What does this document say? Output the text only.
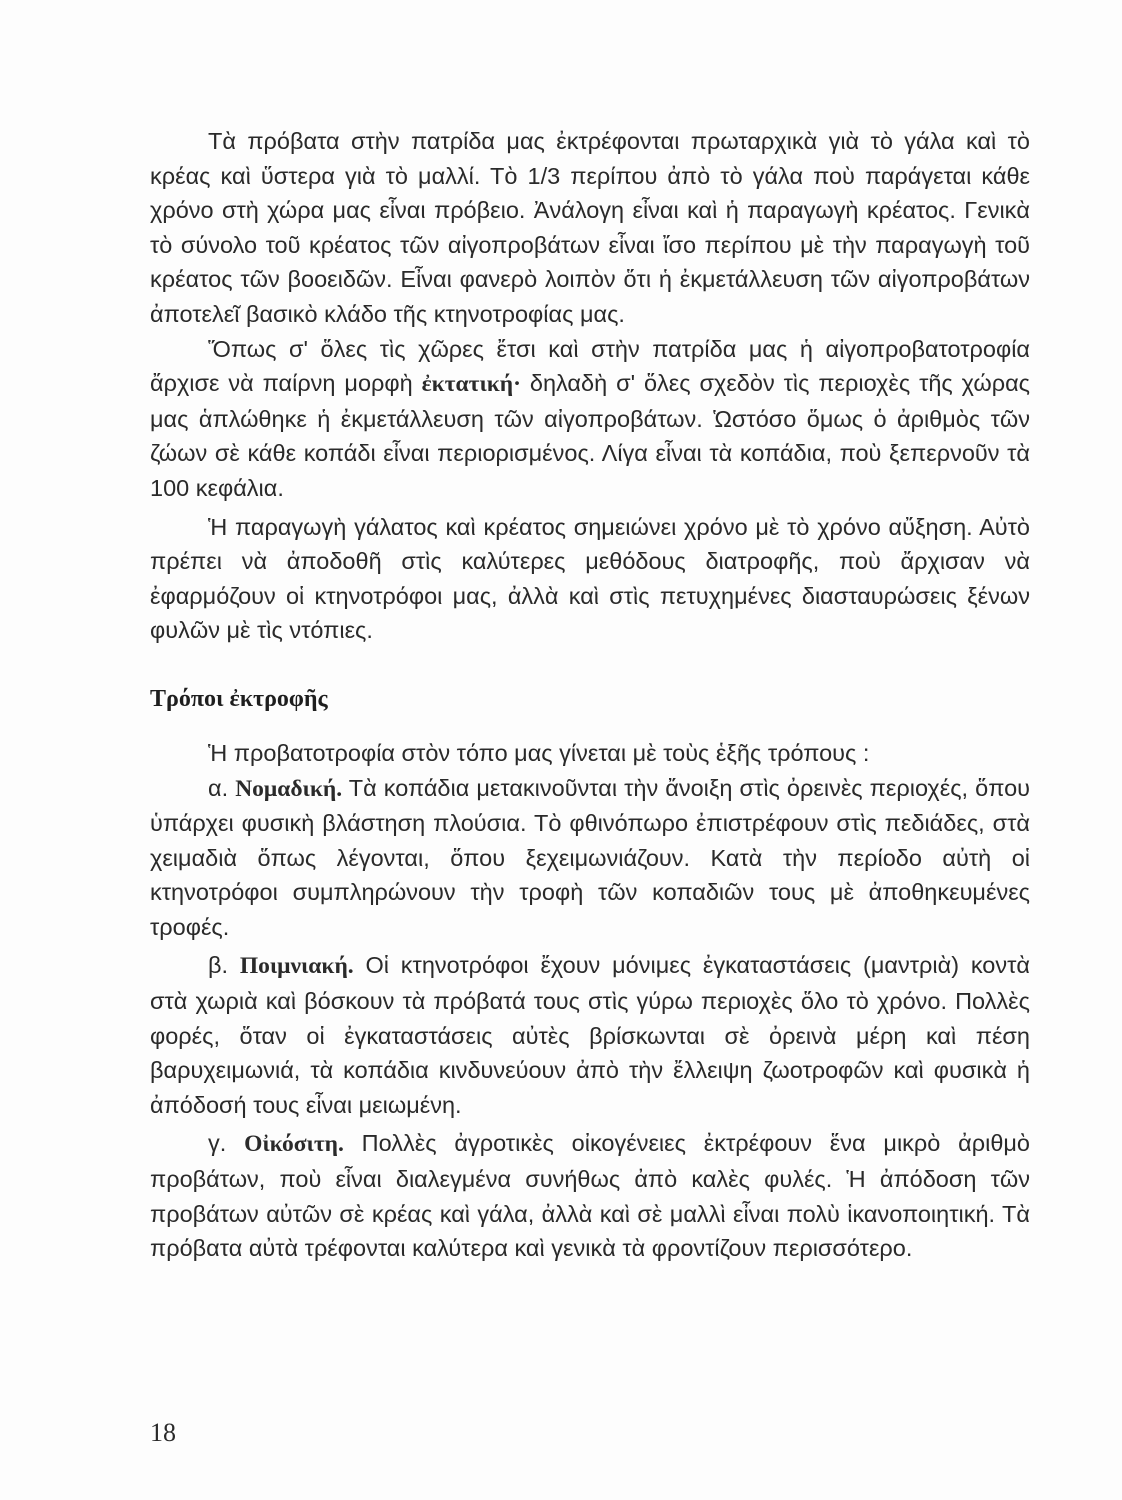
Τὰ πρόβατα στὴν πατρίδα μας ἐκτρέφονται πρωταρχικὰ γιὰ τὸ γάλα καὶ τὸ κρέας καὶ ὕστερα γιὰ τὸ μαλλί. Τὸ 1/3 περίπου ἀπὸ τὸ γάλα ποὺ παράγεται κάθε χρόνο στὴ χώρα μας εἶναι πρόβειο. Ἀνάλογη εἶναι καὶ ἡ παραγωγὴ κρέατος. Γενικὰ τὸ σύνολο τοῦ κρέατος τῶν αἰγοπροβάτων εἶναι ἴσο περίπου μὲ τὴν παραγωγὴ τοῦ κρέατος τῶν βοοειδῶν. Εἶναι φανερὸ λοιπὸν ὅτι ἡ ἐκμετάλλευση τῶν αἰγοπροβάτων ἀποτελεῖ βασικὸ κλάδο τῆς κτηνοτροφίας μας.

Ὅπως σ' ὅλες τὶς χῶρες ἔτσι καὶ στὴν πατρίδα μας ἡ αἰγοπροβατοτροφία ἄρχισε νὰ παίρνη μορφὴ ἐκτατική· δηλαδὴ σ' ὅλες σχεδὸν τὶς περιοχὲς τῆς χώρας μας ἁπλώθηκε ἡ ἐκμετάλλευση τῶν αἰγοπροβάτων. Ὡστόσο ὅμως ὁ ἀριθμὸς τῶν ζώων σὲ κάθε κοπάδι εἶναι περιορισμένος. Λίγα εἶναι τὰ κοπάδια, ποὺ ξεπερνοῦν τὰ 100 κεφάλια.

Ἡ παραγωγὴ γάλατος καὶ κρέατος σημειώνει χρόνο μὲ τὸ χρόνο αὔξηση. Αὐτὸ πρέπει νὰ ἀποδοθῆ στὶς καλύτερες μεθόδους διατροφῆς, ποὺ ἄρχισαν νὰ ἐφαρμόζουν οἱ κτηνοτρόφοι μας, ἀλλὰ καὶ στὶς πετυχημένες διασταυρώσεις ξένων φυλῶν μὲ τὶς ντόπιες.

Τρόποι ἐκτροφῆς

Ἡ προβατοτροφία στὸν τόπο μας γίνεται μὲ τοὺς ἑξῆς τρόπους :

α. Νομαδική. Τὰ κοπάδια μετακινοῦνται τὴν ἄνοιξη στὶς ὀρεινὲς περιοχές, ὅπου ὑπάρχει φυσικὴ βλάστηση πλούσια. Τὸ φθινόπωρο ἐπιστρέφουν στὶς πεδιάδες, στὰ χειμαδιὰ ὅπως λέγονται, ὅπου ξεχειμωνιάζουν. Κατὰ τὴν περίοδο αὐτὴ οἱ κτηνοτρόφοι συμπληρώνουν τὴν τροφὴ τῶν κοπαδιῶν τους μὲ ἀποθηκευμένες τροφές.

β. Ποιμνιακή. Οἱ κτηνοτρόφοι ἔχουν μόνιμες ἐγκαταστάσεις (μαντριὰ) κοντὰ στὰ χωριὰ καὶ βόσκουν τὰ πρόβατά τους στὶς γύρω περιοχὲς ὅλο τὸ χρόνο. Πολλὲς φορές, ὅταν οἱ ἐγκαταστάσεις αὐτὲς βρίσκωνται σὲ ὀρεινὰ μέρη καὶ πέση βαρυχειμωνιά, τὰ κοπάδια κινδυνεύουν ἀπὸ τὴν ἔλλειψη ζωοτροφῶν καὶ φυσικὰ ἡ ἀπόδοσή τους εἶναι μειωμένη.

γ. Οἰκόσιτη. Πολλὲς ἀγροτικὲς οἰκογένειες ἐκτρέφουν ἕνα μικρὸ ἀριθμὸ προβάτων, ποὺ εἶναι διαλεγμένα συνήθως ἀπὸ καλὲς φυλές. Ἡ ἀπόδοση τῶν προβάτων αὐτῶν σὲ κρέας καὶ γάλα, ἀλλὰ καὶ σὲ μαλλὶ εἶναι πολὺ ἱκανοποιητική. Τὰ πρόβατα αὐτὰ τρέφονται καλύτερα καὶ γενικὰ τὰ φροντίζουν περισσότερο.

18
